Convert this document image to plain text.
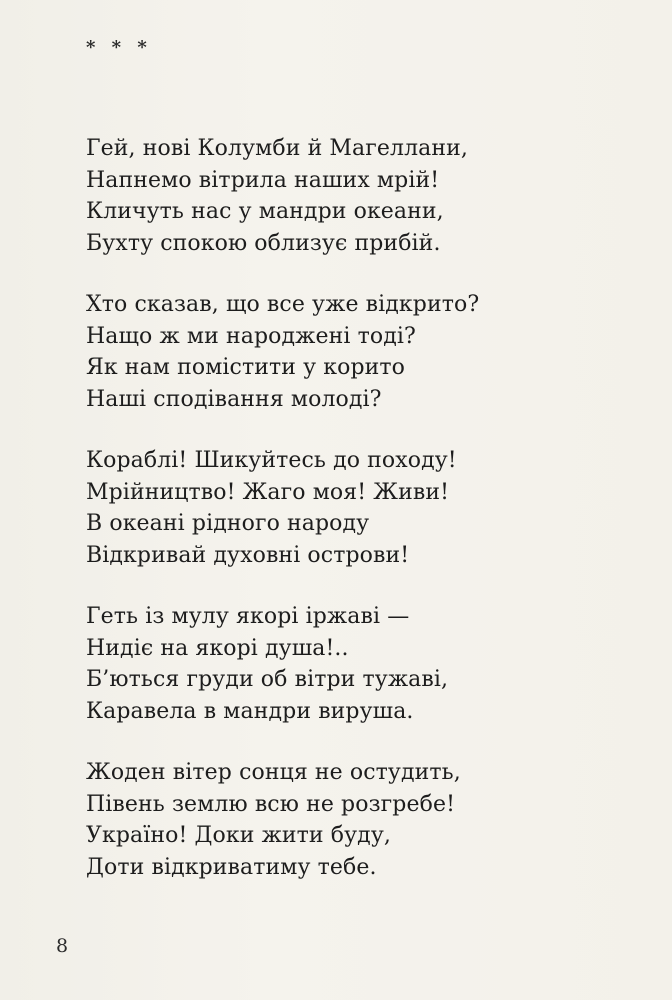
* * *
Гей, нові Колумби й Магеллани,
Напнемо вітрила наших мрій!
Кличуть нас у мандри океани,
Бухту спокою облизує прибій.
Хто сказав, що все уже відкрито?
Нащо ж ми народжені тоді?
Як нам помістити у корито
Наші сподівання молоді?
Кораблі! Шикуйтесь до походу!
Мрійництво! Жаго моя! Живи!
В океані рідного народу
Відкривай духовні острови!
Геть із мулу якорі іржаві —
Нидіє на якорі душа!..
Б’ються груди об вітри тужаві,
Каравела в мандри вируша.
Жоден вітер сонця не остудить,
Півень землю всю не розгребе!
Україно! Доки жити буду,
Доти відкриватиму тебе.
8
